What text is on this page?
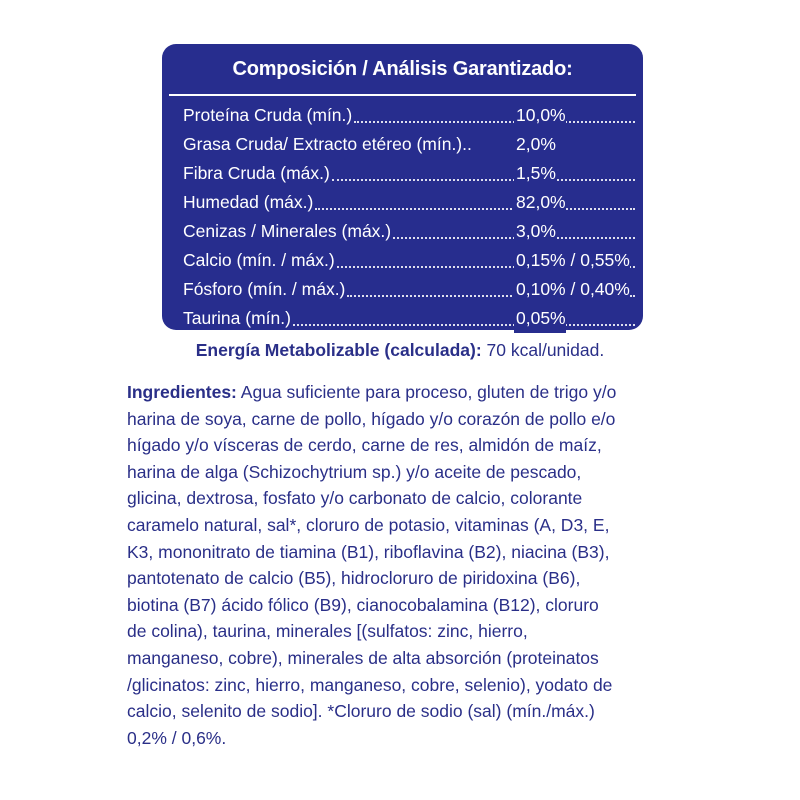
Composición / Análisis Garantizado:
Proteína Cruda (mín.)	10,0%
Grasa Cruda/ Extracto etéreo (mín.)..	2,0%
Fibra Cruda (máx.)	1,5%
Humedad (máx.)	82,0%
Cenizas / Minerales (máx.)	3,0%
Calcio (mín. / máx.)	0,15% / 0,55%
Fósforo (mín. / máx.)	0,10% / 0,40%
Taurina (mín.)	0,05%
Energía Metabolizable (calculada): 70 kcal/unidad.
Ingredientes: Agua suficiente para proceso, gluten de trigo y/o
harina de soya, carne de pollo, hígado y/o corazón de pollo e/o
hígado y/o vísceras de cerdo, carne de res, almidón de maíz,
harina de alga (Schizochytrium sp.) y/o aceite de pescado,
glicina, dextrosa, fosfato y/o carbonato de calcio, colorante
caramelo natural, sal*, cloruro de potasio, vitaminas (A, D3, E,
K3, mononitrato de tiamina (B1), riboflavina (B2), niacina (B3),
pantotenato de calcio (B5), hidrocloruro de piridoxina (B6),
biotina (B7) ácido fólico (B9), cianocobalamina (B12), cloruro
de colina), taurina, minerales [(sulfatos: zinc, hierro,
manganeso, cobre), minerales de alta absorción (proteinatos
/glicinatos: zinc, hierro, manganeso, cobre, selenio), yodato de
calcio, selenito de sodio]. *Cloruro de sodio (sal) (mín./máx.)
0,2% / 0,6%.
